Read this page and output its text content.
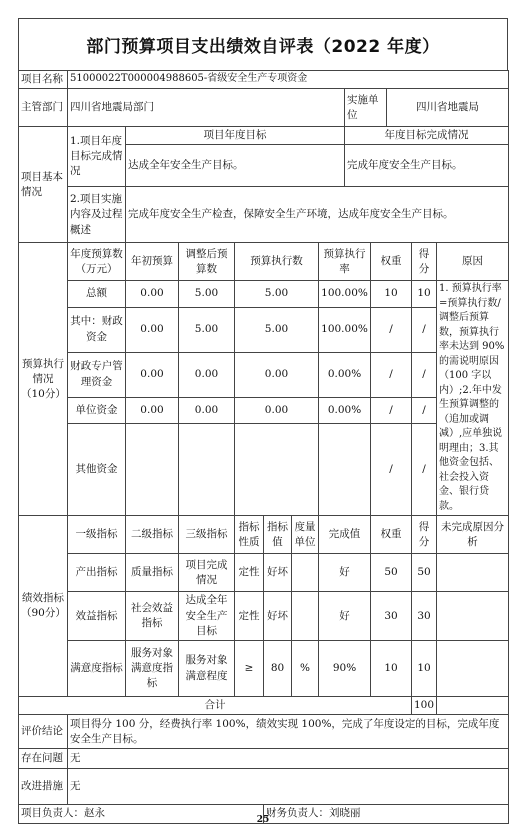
部门预算项目支出绩效自评表（2022 年度）
项目名称	51000022T000004988605-省级安全生产专项资金											
主管部门	四川省地震局部门							实施单位		四川省地震局		
项目基本情况	1.项目年度目标完成情况	项目年度目标						年度目标完成情况				
		达成全年安全生产目标。						完成年度安全生产目标。				
	2.项目实施内容及过程概述	完成年度安全生产检查，保障安全生产环境，达成年度安全生产目标。										
预算执行情况（10分）	年度预算数（万元）	年初预算	调整后预算数	预算执行数			预算执行率		权重		得分	原因
	总额	0.00	5.00	5.00			100.00%		10		10	1. 预算执行率=预算执行数/调整后预算数，预算执行率未达到 90%的需说明原因（100 字以内）;2.年中发生预算调整的（追加或调减）,应单独说明理由；3.其他资金包括、社会投入资金、银行贷款。
	其中：财政资金	0.00	5.00	5.00			100.00%		/		/	
	财政专户管理资金	0.00	0.00	0.00			0.00%		/		/	
	单位资金	0.00	0.00	0.00			0.00%		/		/	
	其他资金								/		/	
绩效指标（90分）	一级指标	二级指标	三级指标	指标性质	指标值	度量单位	完成值		权重		得分	未完成原因分析
	产出指标	质量指标	项目完成情况	定性	好坏		好		50		50	
	效益指标	社会效益指标	达成全年安全生产目标	定性	好坏		好		30		30	
	满意度指标	服务对象满意度指标	服务对象满意程度	≥	80	%	90%		10		10	
合计											100	
评价结论	项目得分 100 分，经费执行率 100%，绩效实现 100%，完成了年度设定的目标，完成年度安全生产目标。											
存在问题	无											
改进措施	无											
项目负责人：赵永					财务负责人：刘晓丽							
25
